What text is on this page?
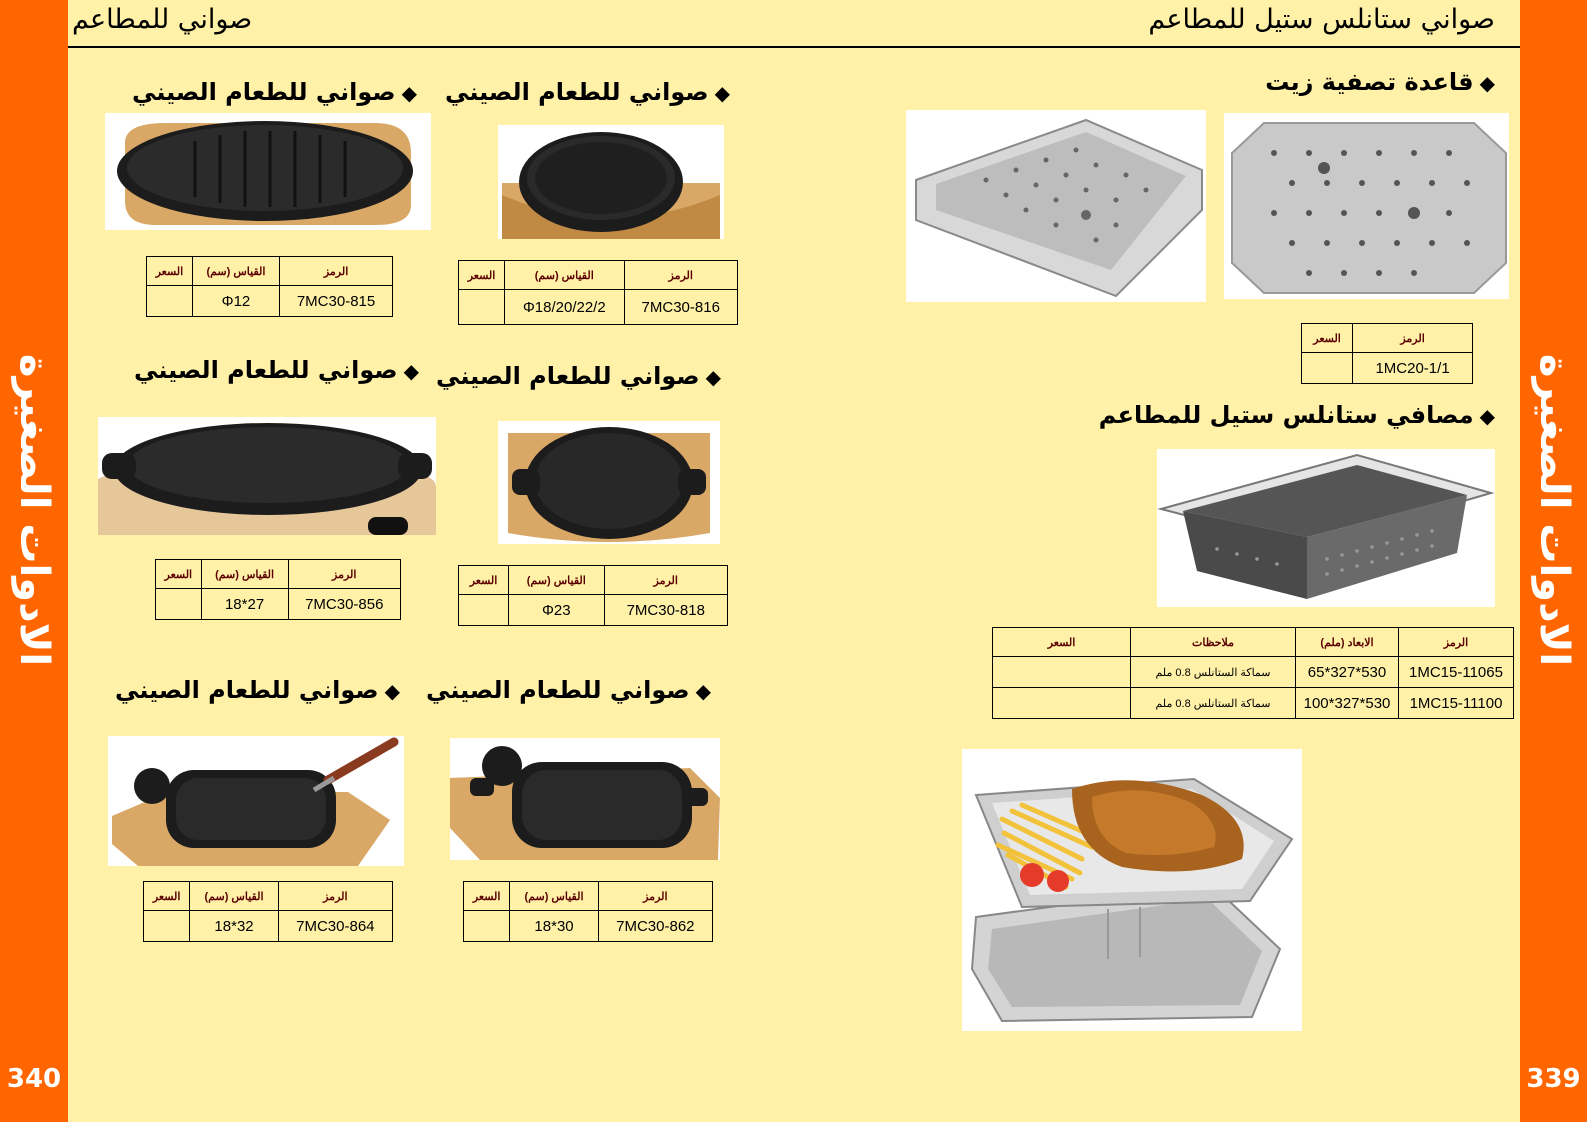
الادوات الصغيرة
340
الادوات الصغيرة
339
صواني للمطاعم	صواني ستانلس ستيل للمطاعم
◆صواني للطعام الصيني
الرمز	القياس (سم)	السعر
7MC30-816	Φ18/20/22/2	
◆صواني للطعام الصيني
الرمز	القياس (سم)	السعر
7MC30-815	Φ12	
◆صواني للطعام الصيني
الرمز	القياس (سم)	السعر
7MC30-818	Φ23	
◆صواني للطعام الصيني
الرمز	القياس (سم)	السعر
7MC30-856	27*18	
◆صواني للطعام الصيني
الرمز	القياس (سم)	السعر
7MC30-862	30*18	
◆صواني للطعام الصيني
الرمز	القياس (سم)	السعر
7MC30-864	32*18	
◆قاعدة تصفية زيت
الرمز	السعر
1MC20-1/1	
◆مصافي ستانلس ستيل للمطاعم
الرمز	الابعاد (ملم)	ملاحظات	السعر
1MC15-11065	530*327*65	سماكة الستانلس 0.8 ملم	
1MC15-11100	530*327*100	سماكة الستانلس 0.8 ملم	
